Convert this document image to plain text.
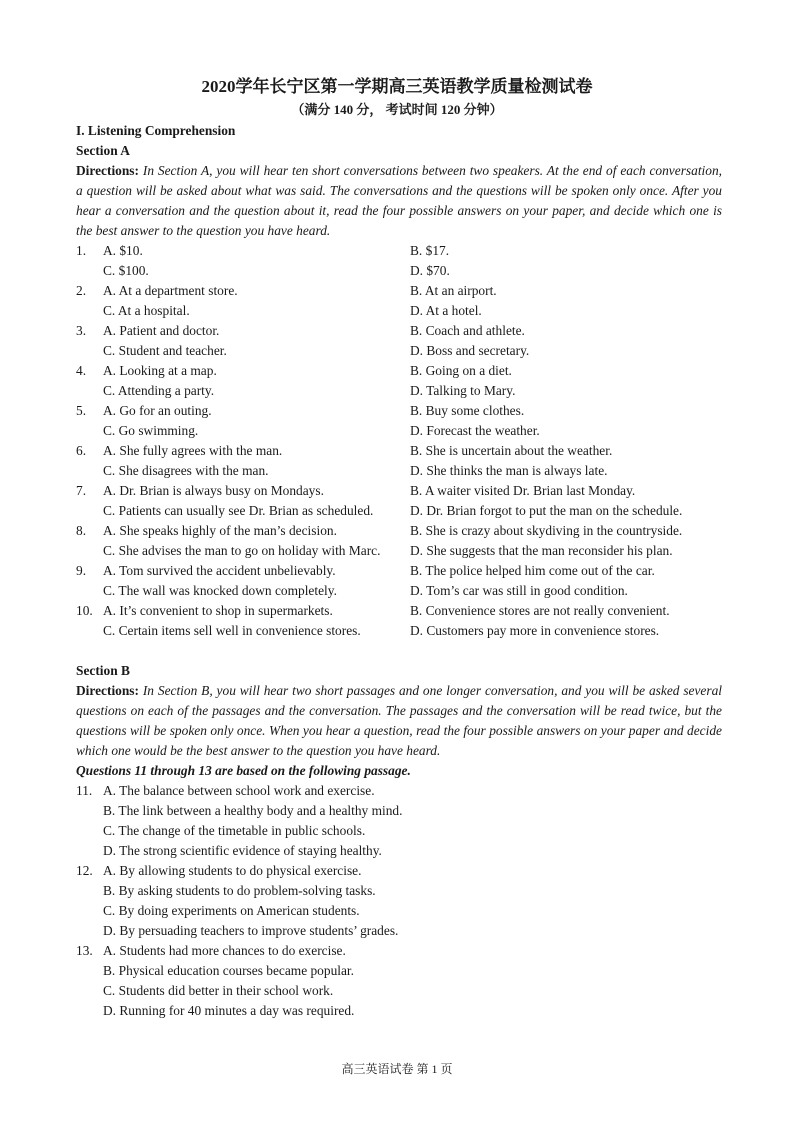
2020学年长宁区第一学期高三英语教学质量检测试卷
（满分 140 分， 考试时间 120 分钟）
I. Listening Comprehension
Section A
Directions: In Section A, you will hear ten short conversations between two speakers. At the end of each conversation, a question will be asked about what was said. The conversations and the questions will be spoken only once. After you hear a conversation and the question about it, read the four possible answers on your paper, and decide which one is the best answer to the question you have heard.
1. A. $10.	B. $17.
C. $100.	D. $70.
2. A. At a department store.	B. At an airport.
C. At a hospital.	D. At a hotel.
3. A. Patient and doctor.	B. Coach and athlete.
C. Student and teacher.	D. Boss and secretary.
4. A. Looking at a map.	B. Going on a diet.
C. Attending a party.	D. Talking to Mary.
5. A. Go for an outing.	B. Buy some clothes.
C. Go swimming.	D. Forecast the weather.
6. A. She fully agrees with the man.	B. She is uncertain about the weather.
C. She disagrees with the man.	D. She thinks the man is always late.
7. A. Dr. Brian is always busy on Mondays.	B. A waiter visited Dr. Brian last Monday.
C. Patients can usually see Dr. Brian as scheduled.	D. Dr. Brian forgot to put the man on the schedule.
8. A. She speaks highly of the man’s decision.	B. She is crazy about skydiving in the countryside.
C. She advises the man to go on holiday with Marc. D. She suggests that the man reconsider his plan.
9. A. Tom survived the accident unbelievably.	B. The police helped him come out of the car.
C. The wall was knocked down completely.	D. Tom’s car was still in good condition.
10. A. It’s convenient to shop in supermarkets.	B. Convenience stores are not really convenient.
C. Certain items sell well in convenience stores.	D. Customers pay more in convenience stores.
Section B
Directions: In Section B, you will hear two short passages and one longer conversation, and you will be asked several questions on each of the passages and the conversation. The passages and the conversation will be read twice, but the questions will be spoken only once. When you hear a question, read the four possible answers on your paper and decide which one would be the best answer to the question you have heard.
Questions 11 through 13 are based on the following passage.
11. A. The balance between school work and exercise.
B. The link between a healthy body and a healthy mind.
C. The change of the timetable in public schools.
D. The strong scientific evidence of staying healthy.
12. A. By allowing students to do physical exercise.
B. By asking students to do problem-solving tasks.
C. By doing experiments on American students.
D. By persuading teachers to improve students’ grades.
13. A. Students had more chances to do exercise.
B. Physical education courses became popular.
C. Students did better in their school work.
D. Running for 40 minutes a day was required.
高三英语试卷 第 1 页
